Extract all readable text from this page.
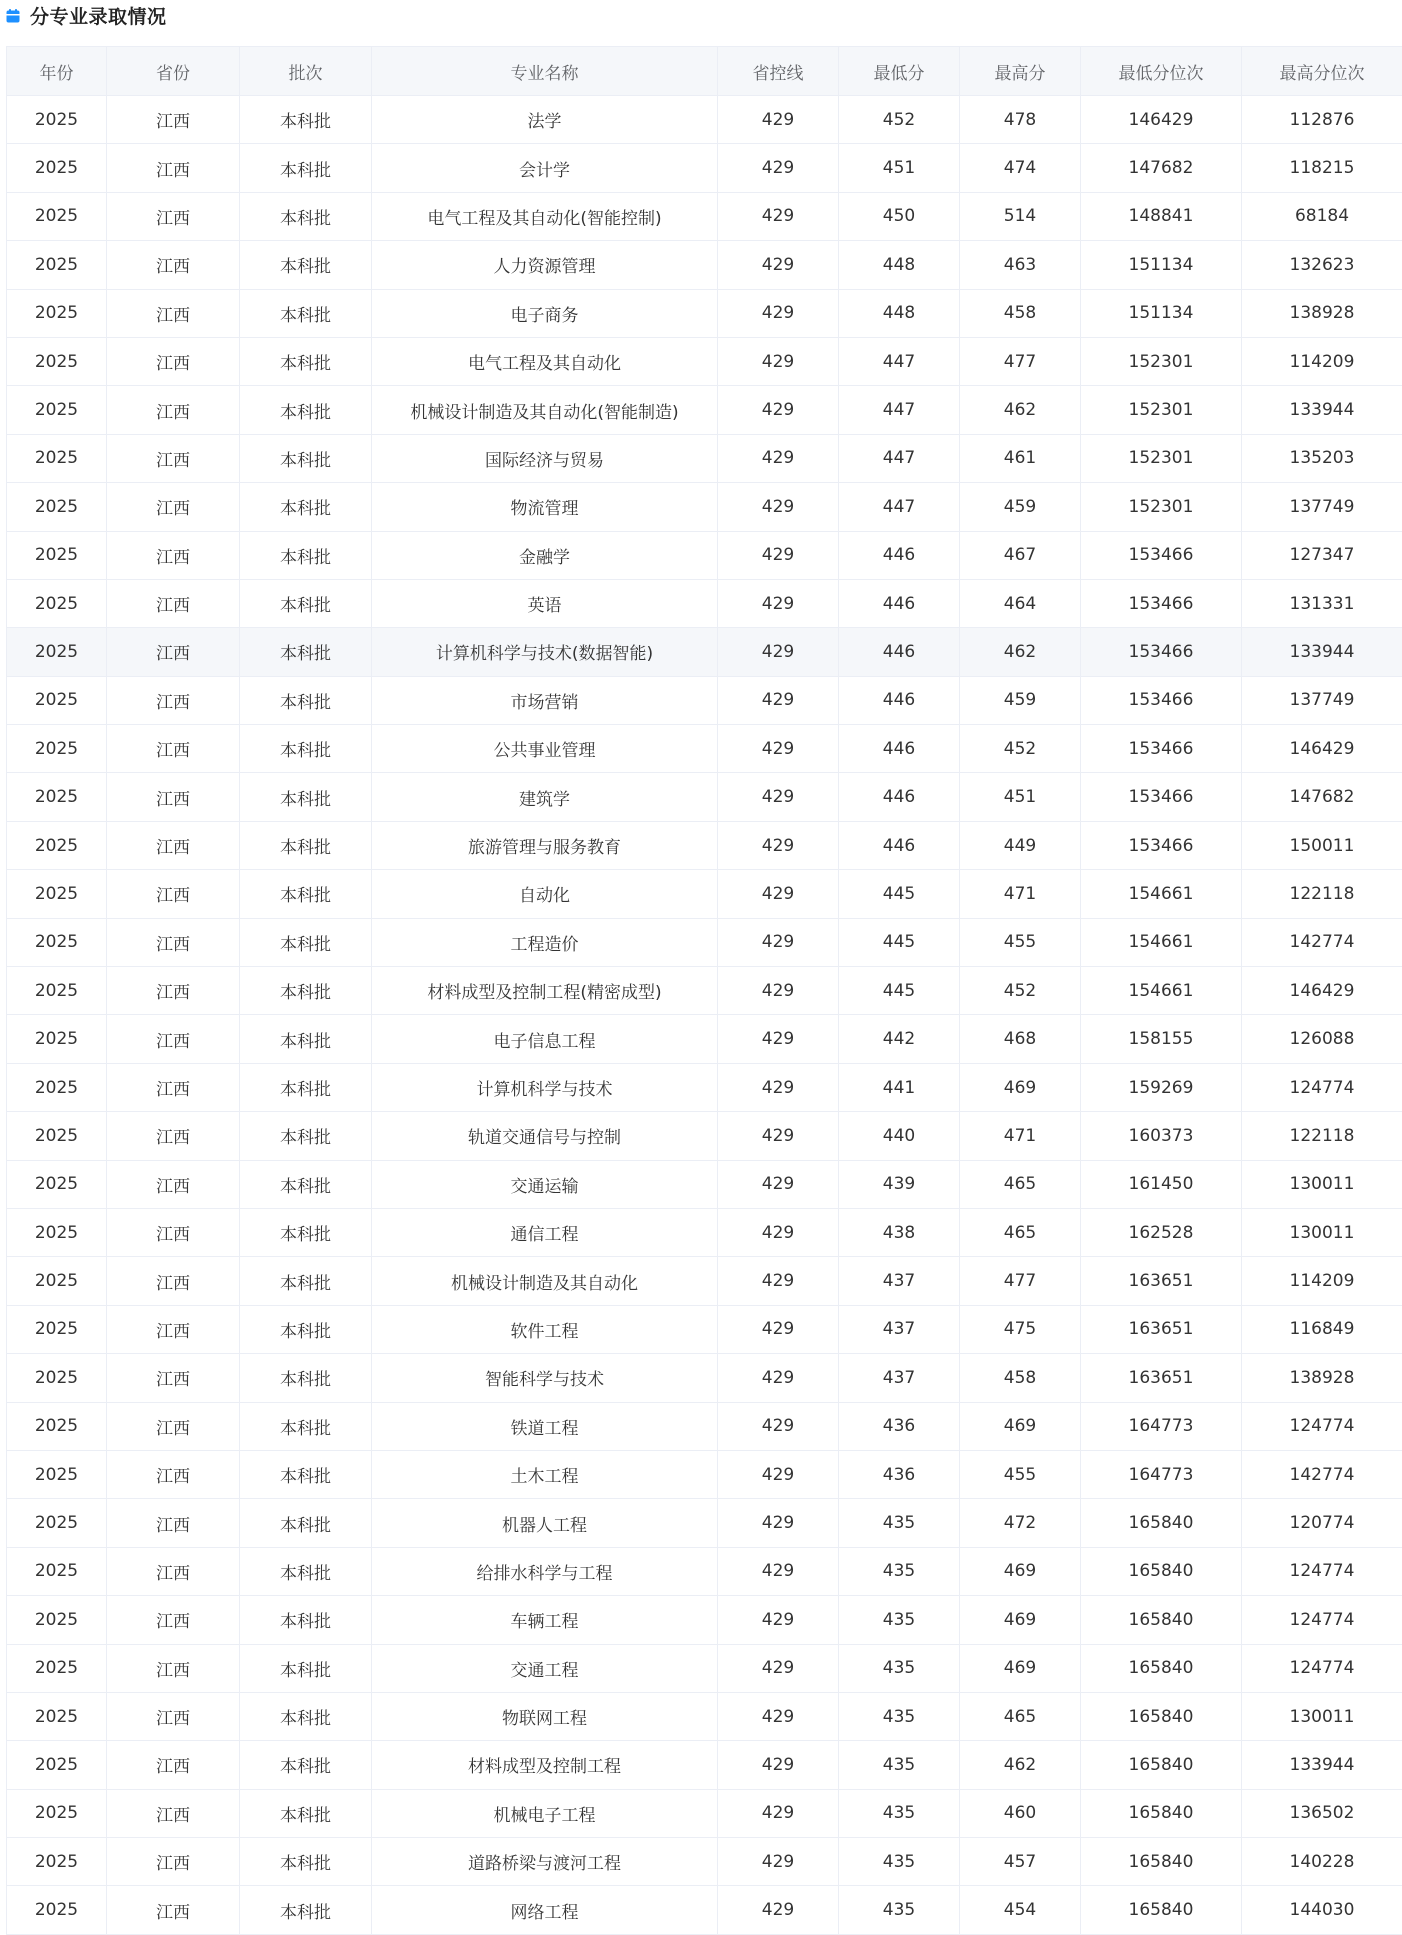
分专业录取情况
年份	省份	批次	专业名称	省控线	最低分	最高分	最低分位次	最高分位次
2025	江西	本科批	法学	429	452	478	146429	112876
2025	江西	本科批	会计学	429	451	474	147682	118215
2025	江西	本科批	电气工程及其自动化(智能控制)	429	450	514	148841	68184
2025	江西	本科批	人力资源管理	429	448	463	151134	132623
2025	江西	本科批	电子商务	429	448	458	151134	138928
2025	江西	本科批	电气工程及其自动化	429	447	477	152301	114209
2025	江西	本科批	机械设计制造及其自动化(智能制造)	429	447	462	152301	133944
2025	江西	本科批	国际经济与贸易	429	447	461	152301	135203
2025	江西	本科批	物流管理	429	447	459	152301	137749
2025	江西	本科批	金融学	429	446	467	153466	127347
2025	江西	本科批	英语	429	446	464	153466	131331
2025	江西	本科批	计算机科学与技术(数据智能)	429	446	462	153466	133944
2025	江西	本科批	市场营销	429	446	459	153466	137749
2025	江西	本科批	公共事业管理	429	446	452	153466	146429
2025	江西	本科批	建筑学	429	446	451	153466	147682
2025	江西	本科批	旅游管理与服务教育	429	446	449	153466	150011
2025	江西	本科批	自动化	429	445	471	154661	122118
2025	江西	本科批	工程造价	429	445	455	154661	142774
2025	江西	本科批	材料成型及控制工程(精密成型)	429	445	452	154661	146429
2025	江西	本科批	电子信息工程	429	442	468	158155	126088
2025	江西	本科批	计算机科学与技术	429	441	469	159269	124774
2025	江西	本科批	轨道交通信号与控制	429	440	471	160373	122118
2025	江西	本科批	交通运输	429	439	465	161450	130011
2025	江西	本科批	通信工程	429	438	465	162528	130011
2025	江西	本科批	机械设计制造及其自动化	429	437	477	163651	114209
2025	江西	本科批	软件工程	429	437	475	163651	116849
2025	江西	本科批	智能科学与技术	429	437	458	163651	138928
2025	江西	本科批	铁道工程	429	436	469	164773	124774
2025	江西	本科批	土木工程	429	436	455	164773	142774
2025	江西	本科批	机器人工程	429	435	472	165840	120774
2025	江西	本科批	给排水科学与工程	429	435	469	165840	124774
2025	江西	本科批	车辆工程	429	435	469	165840	124774
2025	江西	本科批	交通工程	429	435	469	165840	124774
2025	江西	本科批	物联网工程	429	435	465	165840	130011
2025	江西	本科批	材料成型及控制工程	429	435	462	165840	133944
2025	江西	本科批	机械电子工程	429	435	460	165840	136502
2025	江西	本科批	道路桥梁与渡河工程	429	435	457	165840	140228
2025	江西	本科批	网络工程	429	435	454	165840	144030
